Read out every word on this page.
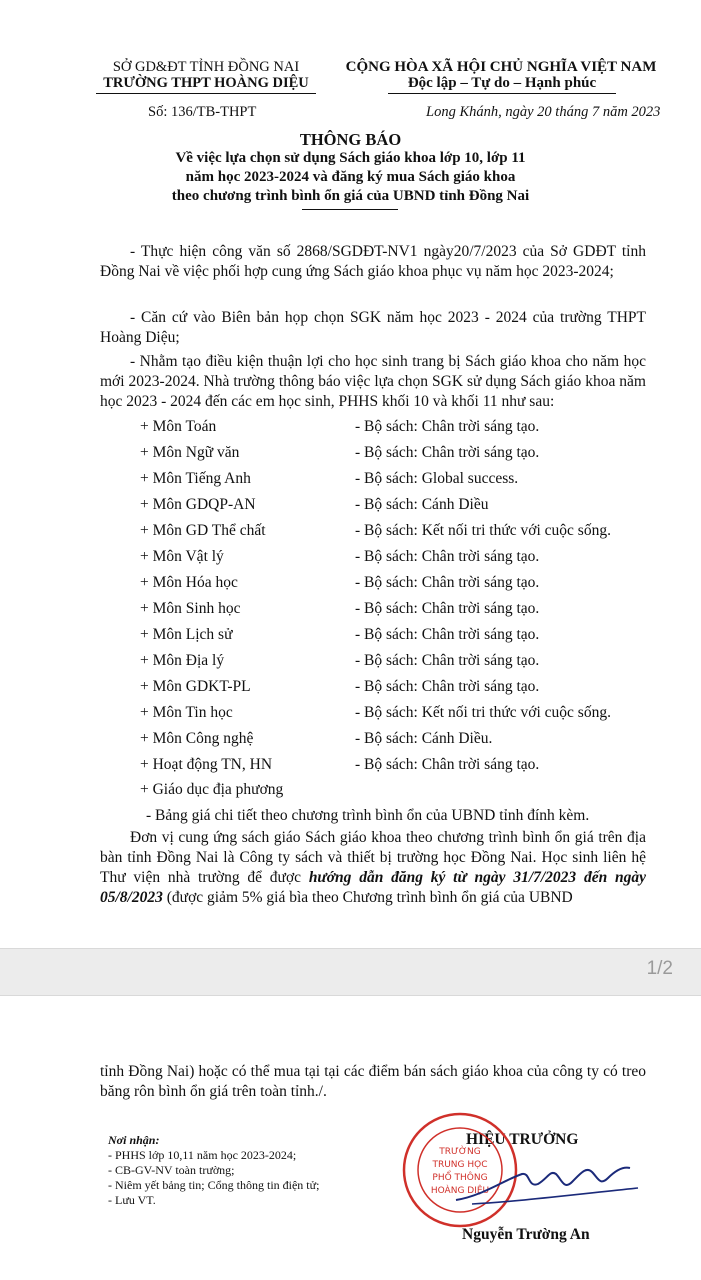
SỞ GD&ĐT TỈNH ĐỒNG NAI
TRƯỜNG THPT HOÀNG DIỆU
CỘNG HÒA XÃ HỘI CHỦ NGHĨA VIỆT NAM
Độc lập – Tự do – Hạnh phúc
Số: 136/TB-THPT	Long Khánh, ngày 20 tháng 7 năm 2023
THÔNG BÁO
Về việc lựa chọn sử dụng Sách giáo khoa lớp 10, lớp 11
năm học 2023-2024 và đăng ký mua Sách giáo khoa
theo chương trình bình ổn giá của UBND tỉnh Đồng Nai
- Thực hiện công văn số 2868/SGDĐT-NV1 ngày20/7/2023 của Sở GDĐT tỉnh Đồng Nai về việc phối hợp cung ứng Sách giáo khoa phục vụ năm học 2023-2024;
- Căn cứ vào Biên bản họp chọn SGK năm học 2023 - 2024 của trường THPT Hoàng Diệu;
- Nhằm tạo điều kiện thuận lợi cho học sinh trang bị Sách giáo khoa cho năm học mới 2023-2024. Nhà trường thông báo việc lựa chọn SGK sử dụng Sách giáo khoa năm học 2023 - 2024 đến các em học sinh, PHHS khối 10 và khối 11 như sau:
+ Môn Toán	- Bộ sách: Chân trời sáng tạo.
+ Môn Ngữ văn	- Bộ sách: Chân trời sáng tạo.
+ Môn Tiếng Anh	- Bộ sách: Global success.
+ Môn GDQP-AN	- Bộ sách: Cánh Diều
+ Môn GD Thể chất	- Bộ sách: Kết nối tri thức với cuộc sống.
+ Môn Vật lý	- Bộ sách: Chân trời sáng tạo.
+ Môn Hóa học	- Bộ sách: Chân trời sáng tạo.
+ Môn Sinh học	- Bộ sách: Chân trời sáng tạo.
+ Môn Lịch sử	- Bộ sách: Chân trời sáng tạo.
+ Môn Địa lý	- Bộ sách: Chân trời sáng tạo.
+ Môn GDKT-PL	- Bộ sách: Chân trời sáng tạo.
+ Môn Tin học	- Bộ sách: Kết nối tri thức với cuộc sống.
+ Môn Công nghệ	- Bộ sách: Cánh Diều.
+ Hoạt động TN, HN	- Bộ sách: Chân trời sáng tạo.
+ Giáo dục địa phương
- Bảng giá chi tiết theo chương trình bình ổn của UBND tỉnh đính kèm.
Đơn vị cung ứng sách giáo Sách giáo khoa theo chương trình bình ổn giá trên địa bàn tỉnh Đồng Nai là Công ty sách và thiết bị trường học Đồng Nai. Học sinh liên hệ Thư viện nhà trường để được hướng dẫn đăng ký từ ngày 31/7/2023 đến ngày 05/8/2023 (được giảm 5% giá bìa theo Chương trình bình ổn giá của UBND
1/2
tỉnh Đồng Nai) hoặc có thể mua tại tại các điểm bán sách giáo khoa của công ty có treo băng rôn bình ổn giá trên toàn tỉnh./.
Nơi nhận:
- PHHS lớp 10,11 năm học 2023-2024;
- CB-GV-NV toàn trường;
- Niêm yết bảng tin; Cổng thông tin điện tử;
- Lưu VT.
HIỆU TRƯỞNG
TRƯỜNG
TRUNG HỌC
PHỔ THÔNG
HOÀNG DIỆU
Nguyễn Trường An
